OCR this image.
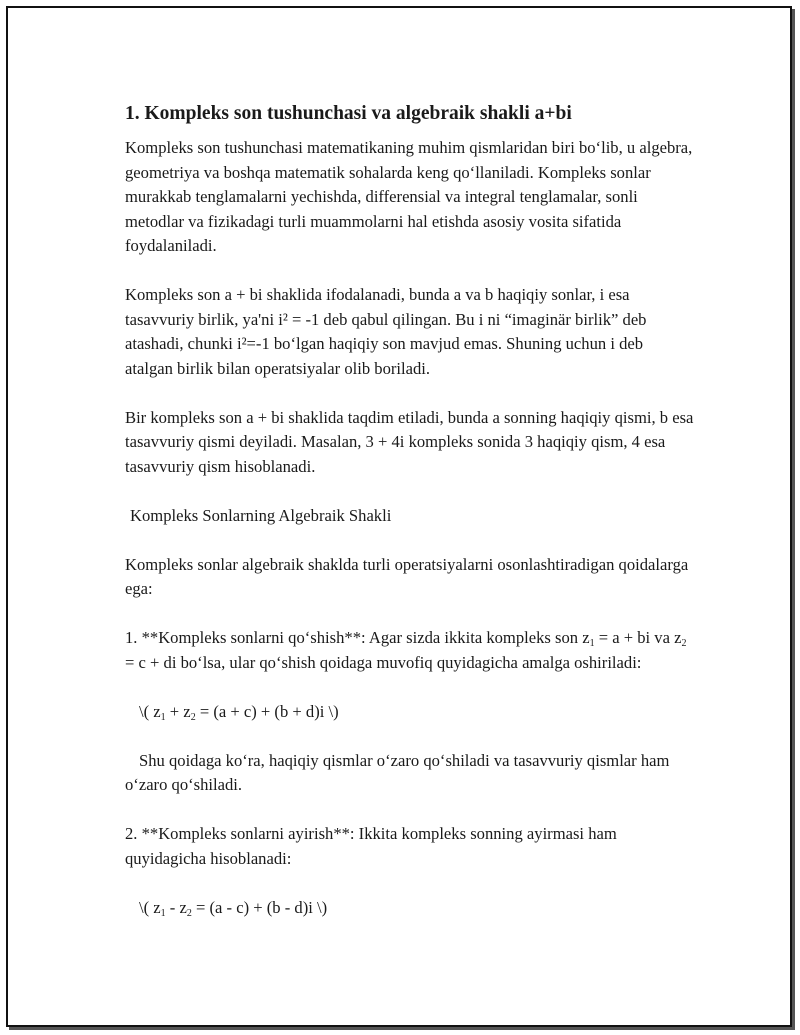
1. Kompleks son tushunchasi va algebraik shakli a+bi

Kompleks son tushunchasi matematikaning muhim qismlaridan biri bo‘lib, u algebra, geometriya va boshqa matematik sohalarda keng qo‘llaniladi. Kompleks sonlar murakkab tenglamalarni yechishda, differensial va integral tenglamalar, sonli metodlar va fizikadagi turli muammolarni hal etishda asosiy vosita sifatida foydalaniladi.

Kompleks son a + bi shaklida ifodalanadi, bunda a va b haqiqiy sonlar, i esa tasavvuriy birlik, ya'ni i² = -1 deb qabul qilingan. Bu i ni “imaginär birlik” deb atashadi, chunki i²=-1 bo‘lgan haqiqiy son mavjud emas. Shuning uchun i deb atalgan birlik bilan operatsiyalar olib boriladi.

Bir kompleks son a + bi shaklida taqdim etiladi, bunda a sonning haqiqiy qismi, b esa tasavvuriy qismi deyiladi. Masalan, 3 + 4i kompleks sonida 3 haqiqiy qism, 4 esa tasavvuriy qism hisoblanadi.

Kompleks Sonlarning Algebraik Shakli

Kompleks sonlar algebraik shaklda turli operatsiyalarni osonlashtiradigan qoidalarga ega:

1. **Kompleks sonlarni qo‘shish**: Agar sizda ikkita kompleks son $z_1 = a$ + bi va $z_2 = c$ + di bo‘lsa, ular qo‘shish qoidaga muvofiq quyidagicha amalga oshiriladi:

\( $z_1 + z_2 = (a + c) + (b + d)i$ \)

Shu qoidaga ko‘ra, haqiqiy qismlar o‘zaro qo‘shiladi va tasavvuriy qismlar ham o‘zaro qo‘shiladi.

2. **Kompleks sonlarni ayirish**: Ikkita kompleks sonning ayirmasi ham quyidagicha hisoblanadi:

\( $z_1 - z_2 = (a - c) + (b - d)i$ \)
